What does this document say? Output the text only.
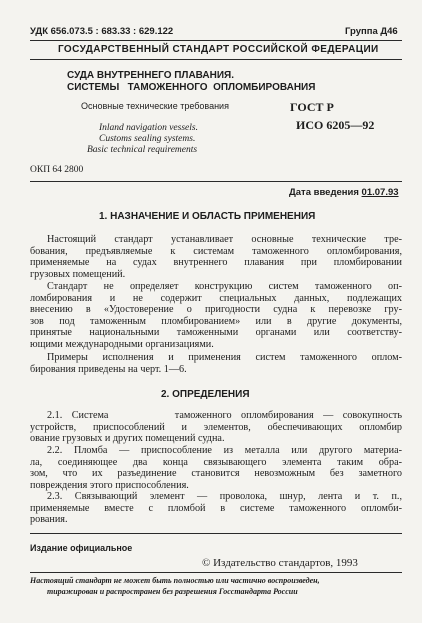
УДК 656.073.5 : 683.33 : 629.122	Группа Д46
ГОСУДАРСТВЕННЫЙ СТАНДАРТ РОССИЙСКОЙ ФЕДЕРАЦИИ
СУДА ВНУТРЕННЕГО ПЛАВАНИЯ.
СИСТЕМЫ   ТАМОЖЕННОГО  ОПЛОМБИРОВАНИЯ
Основные технические требования	ГОСТ Р
ИСО 6205—92
Inland navigation vessels.
Customs sealing systems.
Basic technical requirements
ОКП 64 2800
Дата введения 01.07.93
1. НАЗНАЧЕНИЕ И ОБЛАСТЬ ПРИМЕНЕНИЯ
Настоящий стандарт устанавливает основные технические тре-
бования, предъявляемые к системам таможенного опломбирования,
применяемые на судах внутреннего плавания при пломбировании
грузовых помещений.
Стандарт не определяет конструкцию систем таможенного оп-
ломбирования и не содержит специальных данных, подлежащих
внесению в «Удостоверение о пригодности судна к перевозке гру-
зов под таможенным пломбированием» или в другие документы,
принятые национальными таможенными органами или соответству-
ющими международными организациями.
Примеры исполнения и применения систем таможенного оплом-
бирования приведены на черт. 1—6.
2. ОПРЕДЕЛЕНИЯ
2.1. Система       таможенного опломбирования — совокупность
устройств, приспособлений и элементов, обеспечивающих опломбир
ование грузовых и других помещений судна.
2.2. Пломба — приспособление из металла или другого материа-
ла, соединяющее два конца связывающего элемента таким обра-
зом, что их разъединение становится невозможным без заметного
повреждения этого приспособления.
2.3. Связывающий элемент — проволока, шнур, лента и т. п.,
применяемые вместе с пломбой в системе таможенного опломби-
рования.
Издание официальное
© Издательство стандартов, 1993
Настоящий стандарт не может быть полностью или частично воспроизведен,
тиражирован и распространен без разрешения Госстандарта России
